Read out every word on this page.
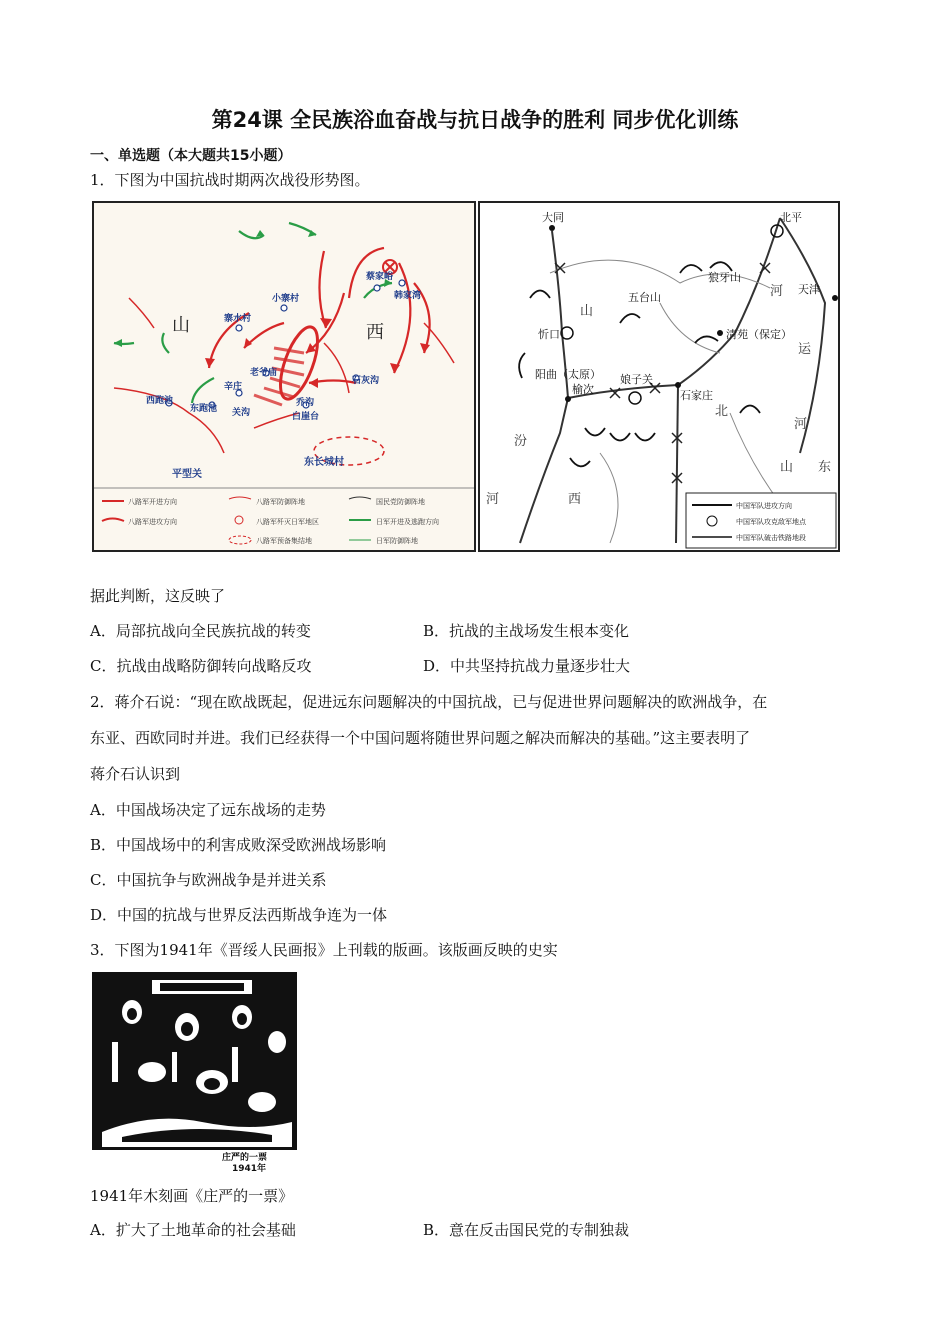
第24课 全民族浴血奋战与抗日战争的胜利 同步优化训练
一、单选题（本大题共15小题）
1．下图为中国抗战时期两次战役形势图。
山	西
蔡家峪
韩家湾
寨水村
小寨村
老爷庙
辛庄
关沟
乔沟
西跑池
东跑池
白崖台
石灰沟
东长城村
平型关
八路军开进方向	八路军防御阵地	国民党防御阵地
八路军进攻方向	八路军歼灭日军地区	日军开进及逃跑方向
八路军预备集结地	日军防御阵地
大同	北平
天津
五台山
狼牙山
清苑（保定）
忻口
阳曲（太原）
榆次
娘子关
石家庄
山
西
河
北
山 东
汾
河
运
河
中国军队进攻方向
中国军队攻克敌军地点
中国军队破击铁路地段
据此判断，这反映了
A．局部抗战向全民族抗战的转变	B．抗战的主战场发生根本变化
C．抗战由战略防御转向战略反攻	D．中共坚持抗战力量逐步壮大
2．蒋介石说：“现在欧战既起，促进远东问题解决的中国抗战，已与促进世界问题解决的欧洲战争，在
东亚、西欧同时并进。我们已经获得一个中国问题将随世界问题之解决而解决的基础。”这主要表明了
蒋介石认识到
A．中国战场决定了远东战场的走势
B．中国战场中的利害成败深受欧洲战场影响
C．中国抗争与欧洲战争是并进关系
D．中国的抗战与世界反法西斯战争连为一体
3．下图为1941年《晋绥人民画报》上刊载的版画。该版画反映的史实
庄严的一票
1941年
1941年木刻画《庄严的一票》
A．扩大了土地革命的社会基础	B．意在反击国民党的专制独裁
